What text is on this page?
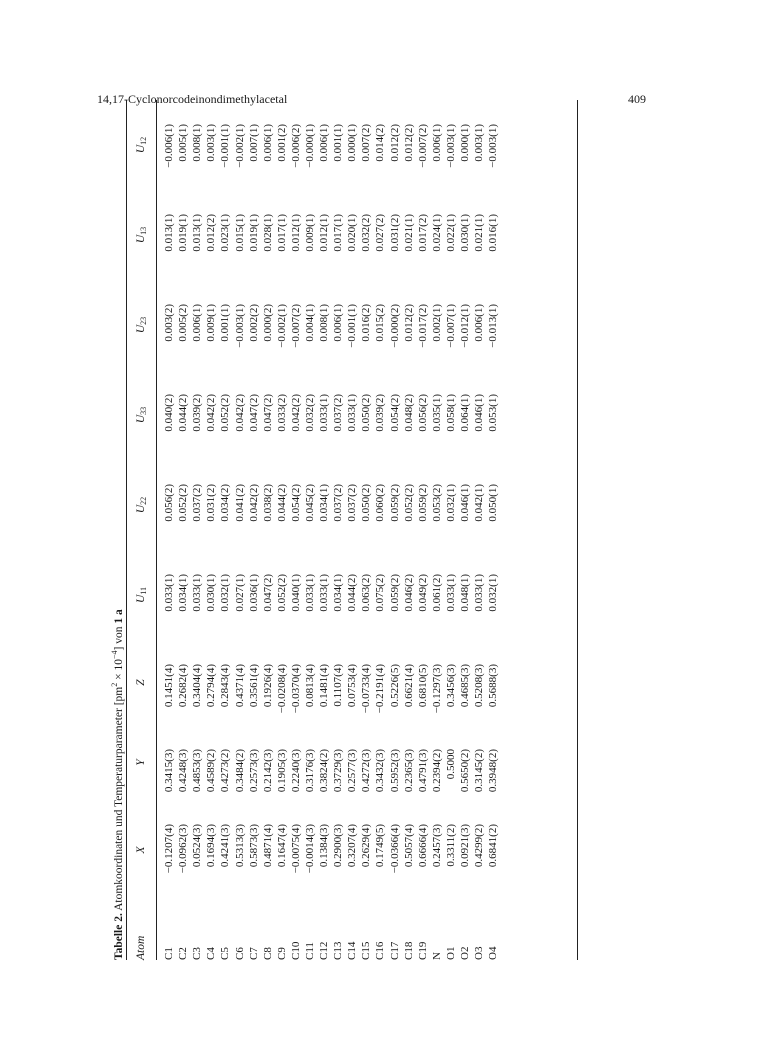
14,17-Cyclonorcodeinondimethylacetal	409
Tabelle 2. Atomkoordinaten und Temperaturparameter $[pm^2 \times 10^{-4}]$ von 1 a
Atom	X	Y	Z	$U_{11}$	$U_{22}$	$U_{33}$	$U_{23}$	$U_{13}$	$U_{12}$
C1	−0.1207(4)	0.3415(3)	0.1451(4)	0.033(1)	0.056(2)	0.040(2)	0.003(2)	0.013(1)	−0.006(1)
C2	−0.0962(3)	0.4248(3)	0.2682(4)	0.034(1)	0.052(2)	0.044(2)	0.005(2)	0.019(1)	0.005(1)
C3	0.0524(3)	0.4853(3)	0.3404(4)	0.033(1)	0.037(2)	0.039(2)	0.006(1)	0.013(1)	0.008(1)
C4	0.1694(3)	0.4589(2)	0.2794(4)	0.030(1)	0.031(2)	0.042(2)	0.009(1)	0.012(2)	0.003(1)
C5	0.4241(3)	0.4273(2)	0.2843(4)	0.032(1)	0.034(2)	0.052(2)	0.001(1)	0.023(1)	−0.001(1)
C6	0.5313(3)	0.3484(2)	0.4371(4)	0.027(1)	0.041(2)	0.042(2)	−0.003(1)	0.015(1)	−0.002(1)
C7	0.5873(3)	0.2573(3)	0.3561(4)	0.036(1)	0.042(2)	0.047(2)	0.002(2)	0.019(1)	0.007(1)
C8	0.4871(4)	0.2142(3)	0.1926(4)	0.047(2)	0.038(2)	0.047(2)	0.000(2)	0.028(1)	0.006(1)
C9	0.1647(4)	0.1905(3)	−0.0208(4)	0.052(2)	0.044(2)	0.033(2)	−0.002(1)	0.017(1)	0.001(2)
C10	−0.0075(4)	0.2240(3)	−0.0370(4)	0.040(1)	0.054(2)	0.042(2)	−0.007(2)	0.012(1)	−0.006(2)
C11	−0.0014(3)	0.3176(3)	0.0813(4)	0.033(1)	0.045(2)	0.032(2)	0.004(1)	0.009(1)	−0.000(1)
C12	0.1384(3)	0.3824(2)	0.1481(4)	0.033(1)	0.034(1)	0.033(1)	0.008(1)	0.012(1)	0.006(1)
C13	0.2900(3)	0.3729(3)	0.1107(4)	0.034(1)	0.037(2)	0.037(2)	0.006(1)	0.017(1)	0.001(1)
C14	0.3207(4)	0.2577(3)	0.0753(4)	0.044(2)	0.037(2)	0.033(1)	−0.001(1)	0.020(1)	0.000(1)
C15	0.2629(4)	0.4272(3)	−0.0733(4)	0.063(2)	0.050(2)	0.050(2)	0.016(2)	0.032(2)	0.007(2)
C16	0.1749(5)	0.3432(3)	−0.2191(4)	0.075(2)	0.060(2)	0.039(2)	0.015(2)	0.027(2)	0.014(2)
C17	−0.0366(4)	0.5952(3)	0.5226(5)	0.059(2)	0.059(2)	0.054(2)	−0.000(2)	0.031(2)	0.012(2)
C18	0.5057(4)	0.2365(3)	0.6621(4)	0.046(2)	0.052(2)	0.048(2)	0.012(2)	0.021(1)	0.012(2)
C19	0.6666(4)	0.4791(3)	0.6810(5)	0.049(2)	0.059(2)	0.056(2)	−0.017(2)	0.017(2)	−0.007(2)
N	0.2457(3)	0.2394(2)	−0.1297(3)	0.061(2)	0.053(2)	0.035(1)	0.002(1)	0.024(1)	0.006(1)
O1	0.3311(2)	0.5000	0.3456(3)	0.033(1)	0.032(1)	0.058(1)	−0.007(1)	0.022(1)	−0.003(1)
O2	0.0921(3)	0.5650(2)	0.4685(3)	0.048(1)	0.046(1)	0.064(1)	−0.012(1)	0.030(1)	0.000(1)
O3	0.4299(2)	0.3145(2)	0.5208(3)	0.033(1)	0.042(1)	0.046(1)	0.006(1)	0.021(1)	0.003(1)
O4	0.6841(2)	0.3948(2)	0.5688(3)	0.032(1)	0.050(1)	0.053(1)	−0.013(1)	0.016(1)	−0.003(1)
